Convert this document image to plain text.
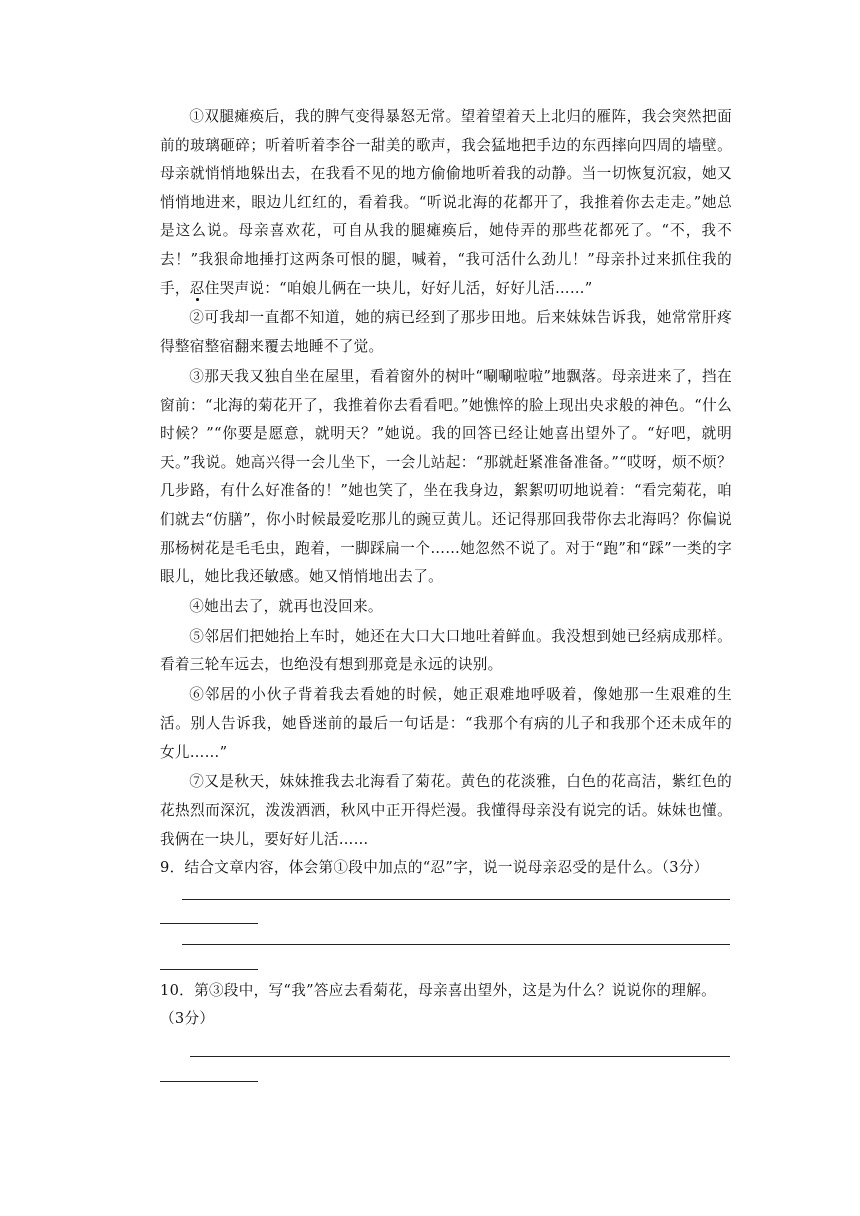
①双腿瘫痪后，我的脾气变得暴怒无常。望着望着天上北归的雁阵，我会突然把面前的玻璃砸碎；听着听着李谷一甜美的歌声，我会猛地把手边的东西摔向四周的墙壁。母亲就悄悄地躲出去，在我看不见的地方偷偷地听着我的动静。当一切恢复沉寂，她又悄悄地进来，眼边儿红红的，看着我。“听说北海的花都开了，我推着你去走走。”她总是这么说。母亲喜欢花，可自从我的腿瘫痪后，她侍弄的那些花都死了。“不，我不去！”我狠命地捶打这两条可恨的腿，喊着，“我可活什么劲儿！”母亲扑过来抓住我的手，忍住哭声说：“咱娘儿俩在一块儿，好好儿活，好好儿活……”

②可我却一直都不知道，她的病已经到了那步田地。后来妹妹告诉我，她常常肝疼得整宿整宿翻来覆去地睡不了觉。

③那天我又独自坐在屋里，看着窗外的树叶“唰唰啦啦”地飘落。母亲进来了，挡在窗前：“北海的菊花开了，我推着你去看看吧。”她憔悴的脸上现出央求般的神色。“什么时候？”“你要是愿意，就明天？”她说。我的回答已经让她喜出望外了。“好吧，就明天。”我说。她高兴得一会儿坐下，一会儿站起：“那就赶紧准备准备。”“哎呀，烦不烦？几步路，有什么好准备的！”她也笑了，坐在我身边，絮絮叨叨地说着：“看完菊花，咱们就去“仿膳”，你小时候最爱吃那儿的豌豆黄儿。还记得那回我带你去北海吗？你偏说那杨树花是毛毛虫，跑着，一脚踩扁一个……她忽然不说了。对于“跑”和“踩”一类的字眼儿，她比我还敏感。她又悄悄地出去了。

④她出去了，就再也没回来。

⑤邻居们把她抬上车时，她还在大口大口地吐着鲜血。我没想到她已经病成那样。看着三轮车远去，也绝没有想到那竟是永远的诀别。

⑥邻居的小伙子背着我去看她的时候，她正艰难地呼吸着，像她那一生艰难的生活。别人告诉我，她昏迷前的最后一句话是：“我那个有病的儿子和我那个还未成年的女儿……”

⑦又是秋天，妹妹推我去北海看了菊花。黄色的花淡雅，白色的花高洁，紫红色的花热烈而深沉，泼泼洒洒，秋风中正开得烂漫。我懂得母亲没有说完的话。妹妹也懂。我俩在一块儿，要好好儿活……

9．结合文章内容，体会第①段中加点的“忍”字，说一说母亲忍受的是什么。（3分）

10．第③段中，写“我”答应去看菊花，母亲喜出望外，这是为什么？说说你的理解。（3分）
